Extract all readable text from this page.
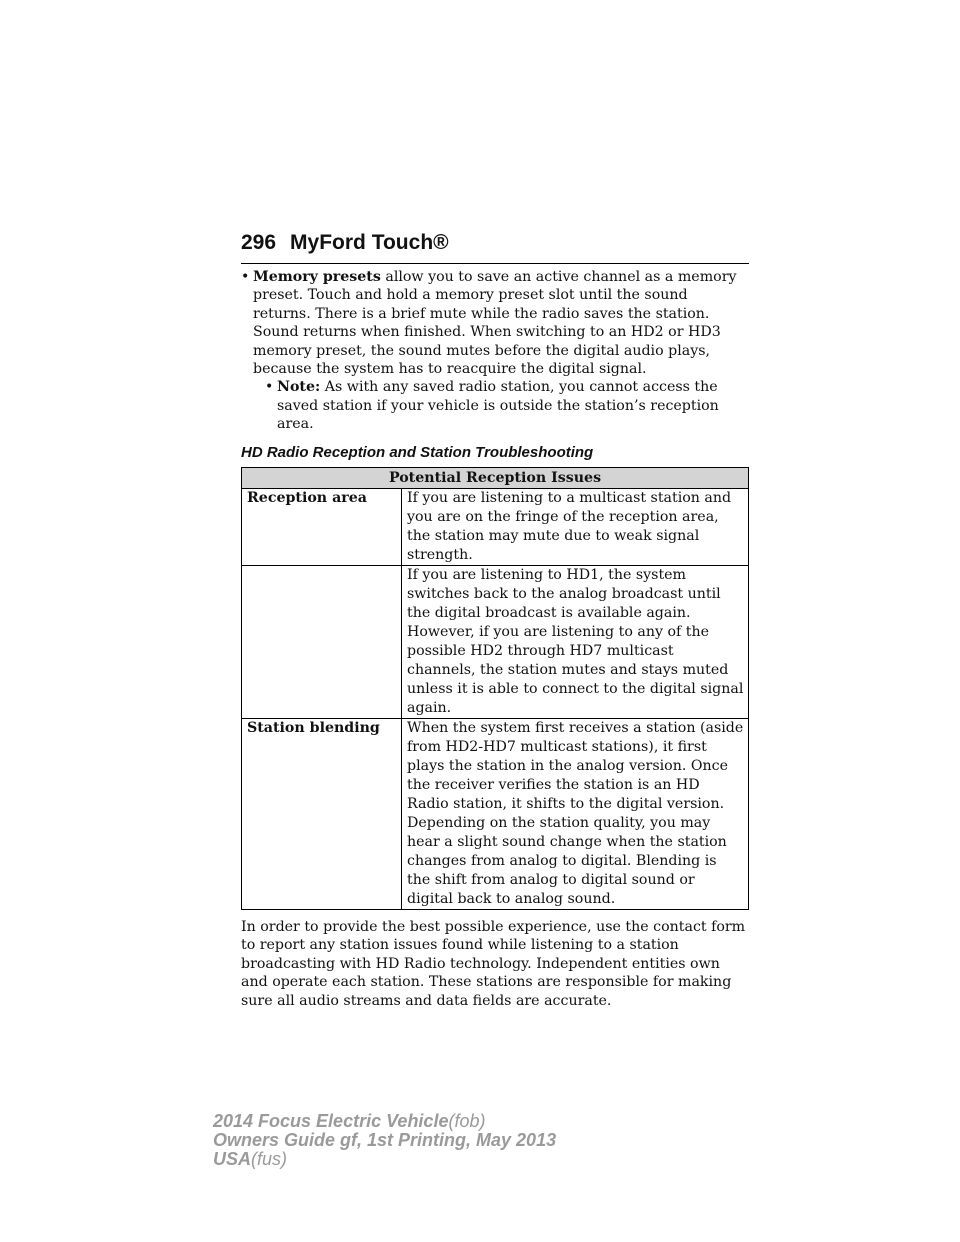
296 MyFord Touch®
• Memory presets allow you to save an active channel as a memory preset. Touch and hold a memory preset slot until the sound returns. There is a brief mute while the radio saves the station. Sound returns when finished. When switching to an HD2 or HD3 memory preset, the sound mutes before the digital audio plays, because the system has to reacquire the digital signal.
• Note: As with any saved radio station, you cannot access the saved station if your vehicle is outside the station’s reception area.
HD Radio Reception and Station Troubleshooting
Potential Reception Issues	
Reception area	If you are listening to a multicast station and you are on the fringe of the reception area, the station may mute due to weak signal strength.
	If you are listening to HD1, the system switches back to the analog broadcast until the digital broadcast is available again. However, if you are listening to any of the possible HD2 through HD7 multicast channels, the station mutes and stays muted unless it is able to connect to the digital signal again.
Station blending	When the system first receives a station (aside from HD2-HD7 multicast stations), it first plays the station in the analog version. Once the receiver verifies the station is an HD Radio station, it shifts to the digital version. Depending on the station quality, you may hear a slight sound change when the station changes from analog to digital. Blending is the shift from analog to digital sound or digital back to analog sound.

In order to provide the best possible experience, use the contact form to report any station issues found while listening to a station broadcasting with HD Radio technology. Independent entities own and operate each station. These stations are responsible for making sure all audio streams and data fields are accurate.

2014 Focus Electric Vehicle(fob)
Owners Guide gf, 1st Printing, May 2013
USA(fus)
